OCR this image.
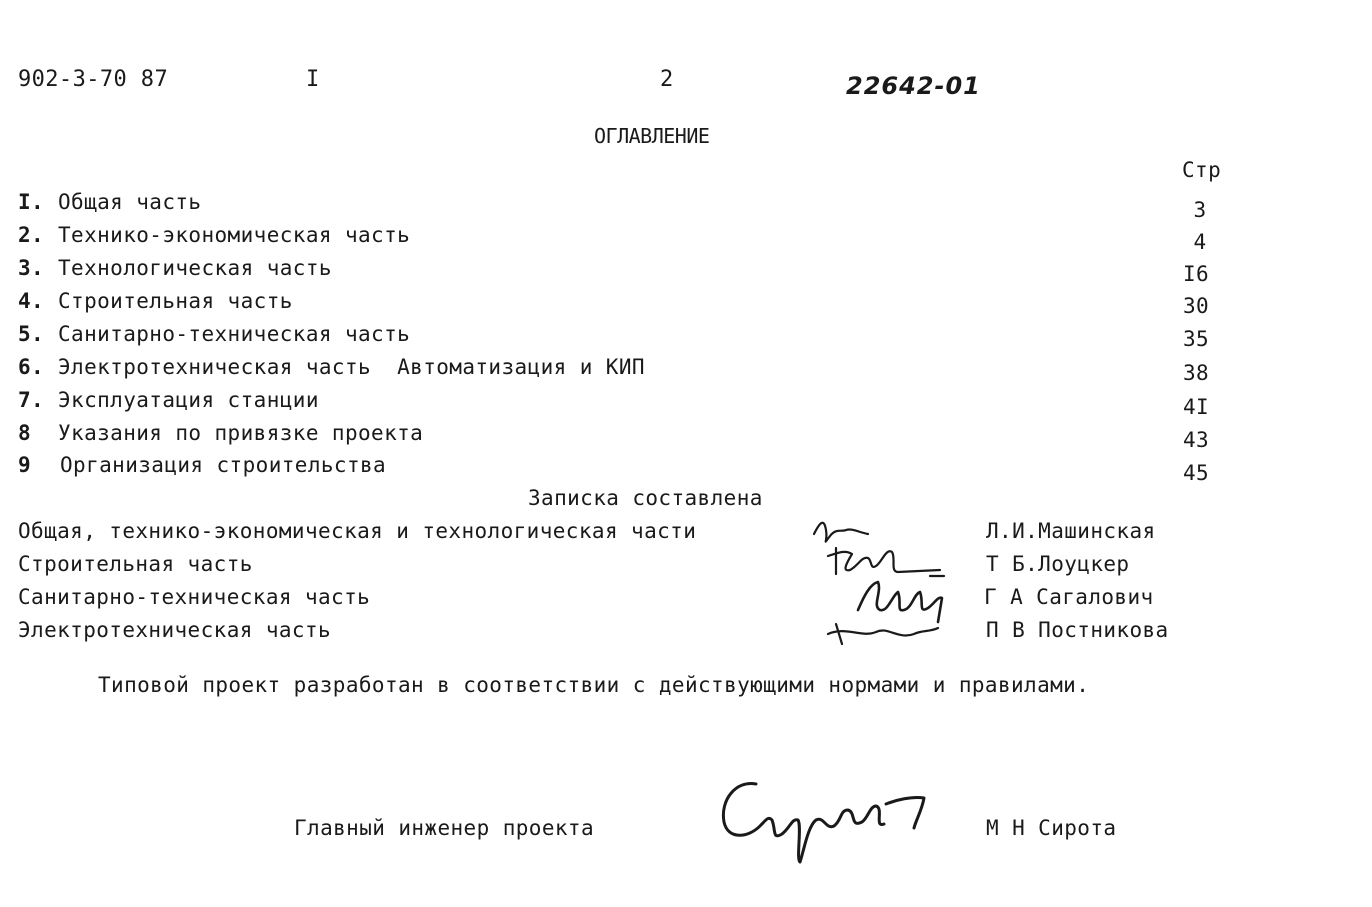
902-3-70 87	I	2	22642-01
ОГЛАВЛЕНИЕ
Стр
I. Общая часть	3
2. Технико-экономическая часть	4
3. Технологическая часть	I6
4. Строительная часть	30
5. Санитарно-техническая часть	35
6. Электротехническая часть  Автоматизация и КИП	38
7. Эксплуатация станции	4I
8 Указания по привязке проекта	43
9 Организация строительства	45
Записка составлена
Общая, технико-экономическая и технологическая части	Л.И.Машинская
Строительная часть	Т Б.Лоуцкер
Санитарно-техническая часть	Г А Сагалович
Электротехническая часть	П В Постникова
Типовой проект разработан в соответствии с действующими нормами и правилами.
Главный инженер проекта	М Н Сирота
